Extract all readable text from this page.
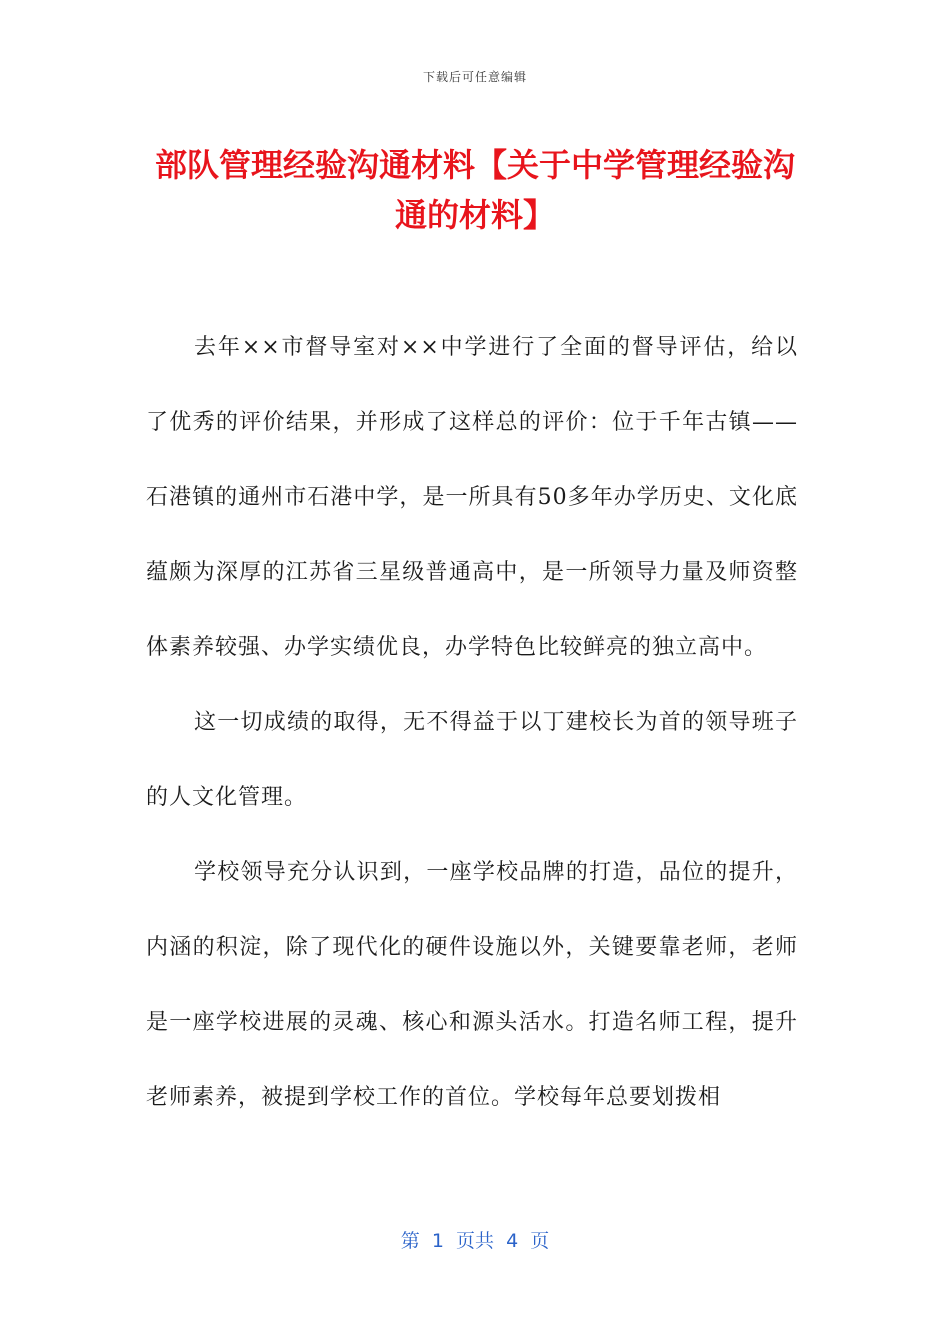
下载后可任意编辑
部队管理经验沟通材料【关于中学管理经验沟通的材料】

去年××市督导室对××中学进行了全面的督导评估，给以了优秀的评价结果，并形成了这样总的评价：位于千年古镇——石港镇的通州市石港中学，是一所具有50多年办学历史、文化底蕴颇为深厚的江苏省三星级普通高中，是一所领导力量及师资整体素养较强、办学实绩优良，办学特色比较鲜亮的独立高中。

这一切成绩的取得，无不得益于以丁建校长为首的领导班子的人文化管理。

学校领导充分认识到，一座学校品牌的打造，品位的提升，内涵的积淀，除了现代化的硬件设施以外，关键要靠老师，老师是一座学校进展的灵魂、核心和源头活水。打造名师工程，提升老师素养，被提到学校工作的首位。学校每年总要划拨相

第  1  页共  4  页
